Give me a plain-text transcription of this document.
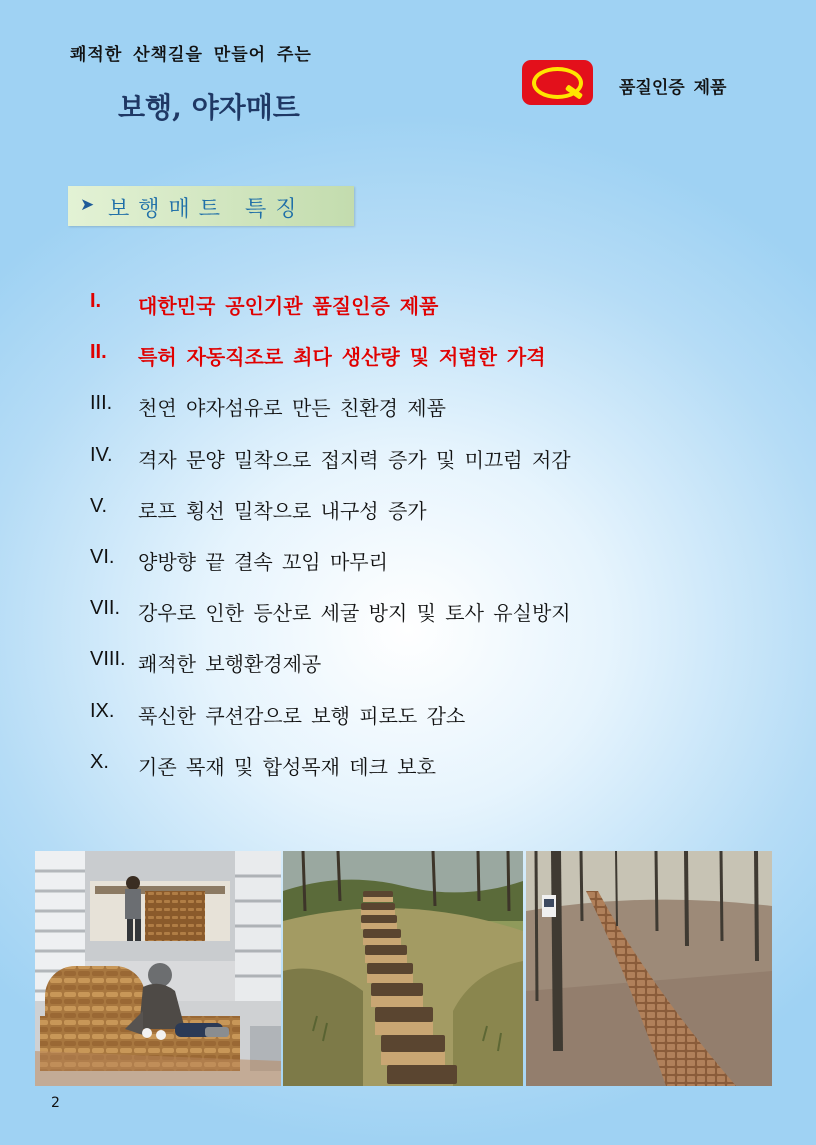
쾌적한 산책길을 만들어 주는
보행, 야자매트
품질인증 제품
➤ 보행매트 특징
I. 대한민국 공인기관 품질인증 제품
II. 특허 자동직조로 최다 생산량 및 저렴한 가격
III. 천연 야자섬유로 만든 친환경 제품
IV. 격자 문양 밀착으로 접지력 증가 및 미끄럼 저감
V. 로프 횡선 밀착으로 내구성 증가
VI. 양방향 끝 결속 꼬임 마무리
VII. 강우로 인한 등산로 세굴 방지 및 토사 유실방지
VIII. 쾌적한 보행환경제공
IX. 푹신한 쿠션감으로 보행 피로도 감소
X. 기존 목재 및 합성목재 데크 보호
2
